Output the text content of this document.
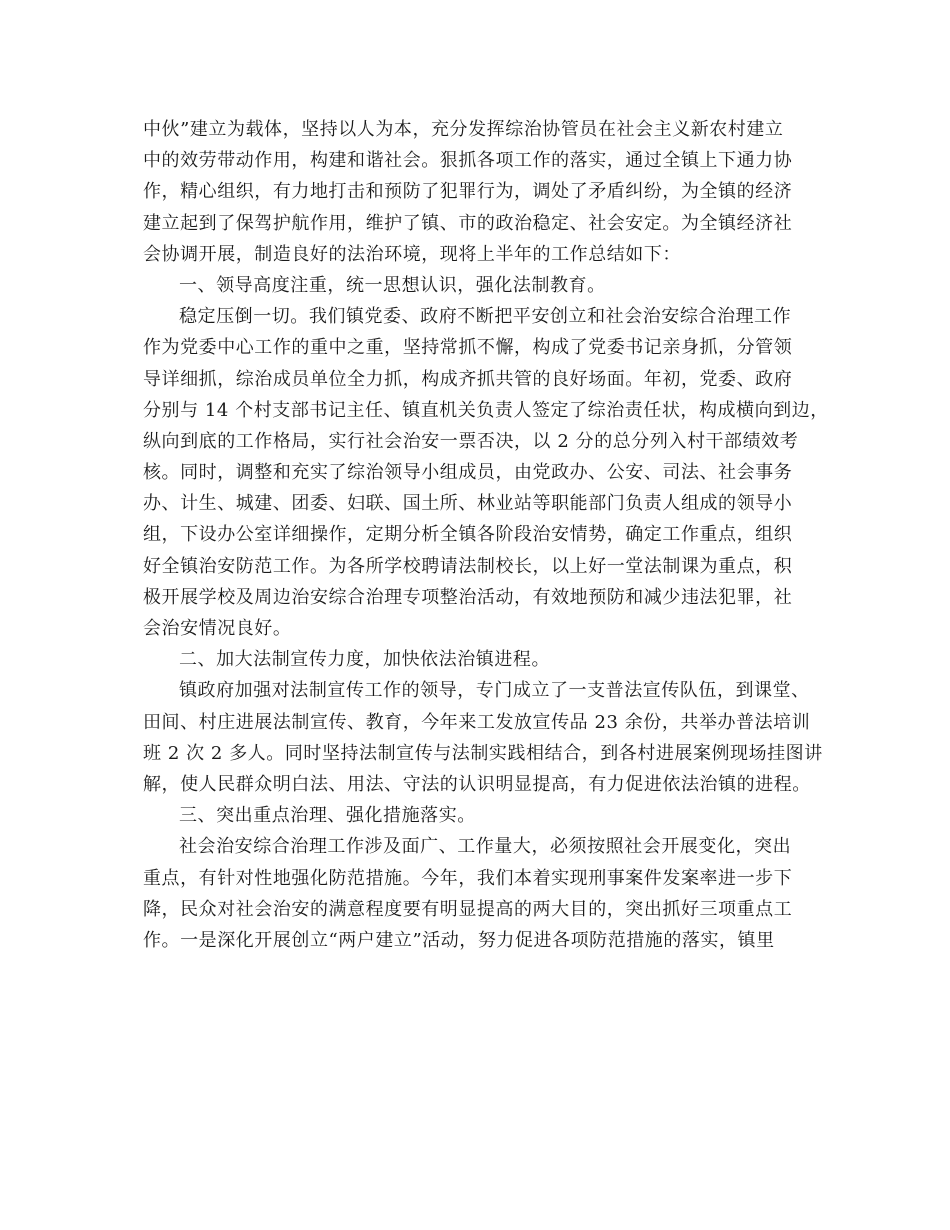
中伙”建立为载体，坚持以人为本，充分发挥综治协管员在社会主义新农村建立
中的效劳带动作用，构建和谐社会。狠抓各项工作的落实，通过全镇上下通力协
作，精心组织，有力地打击和预防了犯罪行为，调处了矛盾纠纷，为全镇的经济
建立起到了保驾护航作用，维护了镇、市的政治稳定、社会安定。为全镇经济社
会协调开展，制造良好的法治环境，现将上半年的工作总结如下：
一、领导高度注重，统一思想认识，强化法制教育。
稳定压倒一切。我们镇党委、政府不断把平安创立和社会治安综合治理工作
作为党委中心工作的重中之重，坚持常抓不懈，构成了党委书记亲身抓，分管领
导详细抓，综治成员单位全力抓，构成齐抓共管的良好场面。年初，党委、政府
分别与 14 个村支部书记主任、镇直机关负责人签定了综治责任状，构成横向到边，
纵向到底的工作格局，实行社会治安一票否决，以 2 分的总分列入村干部绩效考
核。同时，调整和充实了综治领导小组成员，由党政办、公安、司法、社会事务
办、计生、城建、团委、妇联、国土所、林业站等职能部门负责人组成的领导小
组，下设办公室详细操作，定期分析全镇各阶段治安情势，确定工作重点，组织
好全镇治安防范工作。为各所学校聘请法制校长，以上好一堂法制课为重点，积
极开展学校及周边治安综合治理专项整治活动，有效地预防和减少违法犯罪，社
会治安情况良好。
二、加大法制宣传力度，加快依法治镇进程。
镇政府加强对法制宣传工作的领导，专门成立了一支普法宣传队伍，到课堂、
田间、村庄进展法制宣传、教育，今年来工发放宣传品 23 余份，共举办普法培训
班 2 次 2 多人。同时坚持法制宣传与法制实践相结合，到各村进展案例现场挂图讲
解，使人民群众明白法、用法、守法的认识明显提高，有力促进依法治镇的进程。
三、突出重点治理、强化措施落实。
社会治安综合治理工作涉及面广、工作量大，必须按照社会开展变化，突出
重点，有针对性地强化防范措施。今年，我们本着实现刑事案件发案率进一步下
降，民众对社会治安的满意程度要有明显提高的两大目的，突出抓好三项重点工
作。一是深化开展创立“两户建立”活动，努力促进各项防范措施的落实，镇里
